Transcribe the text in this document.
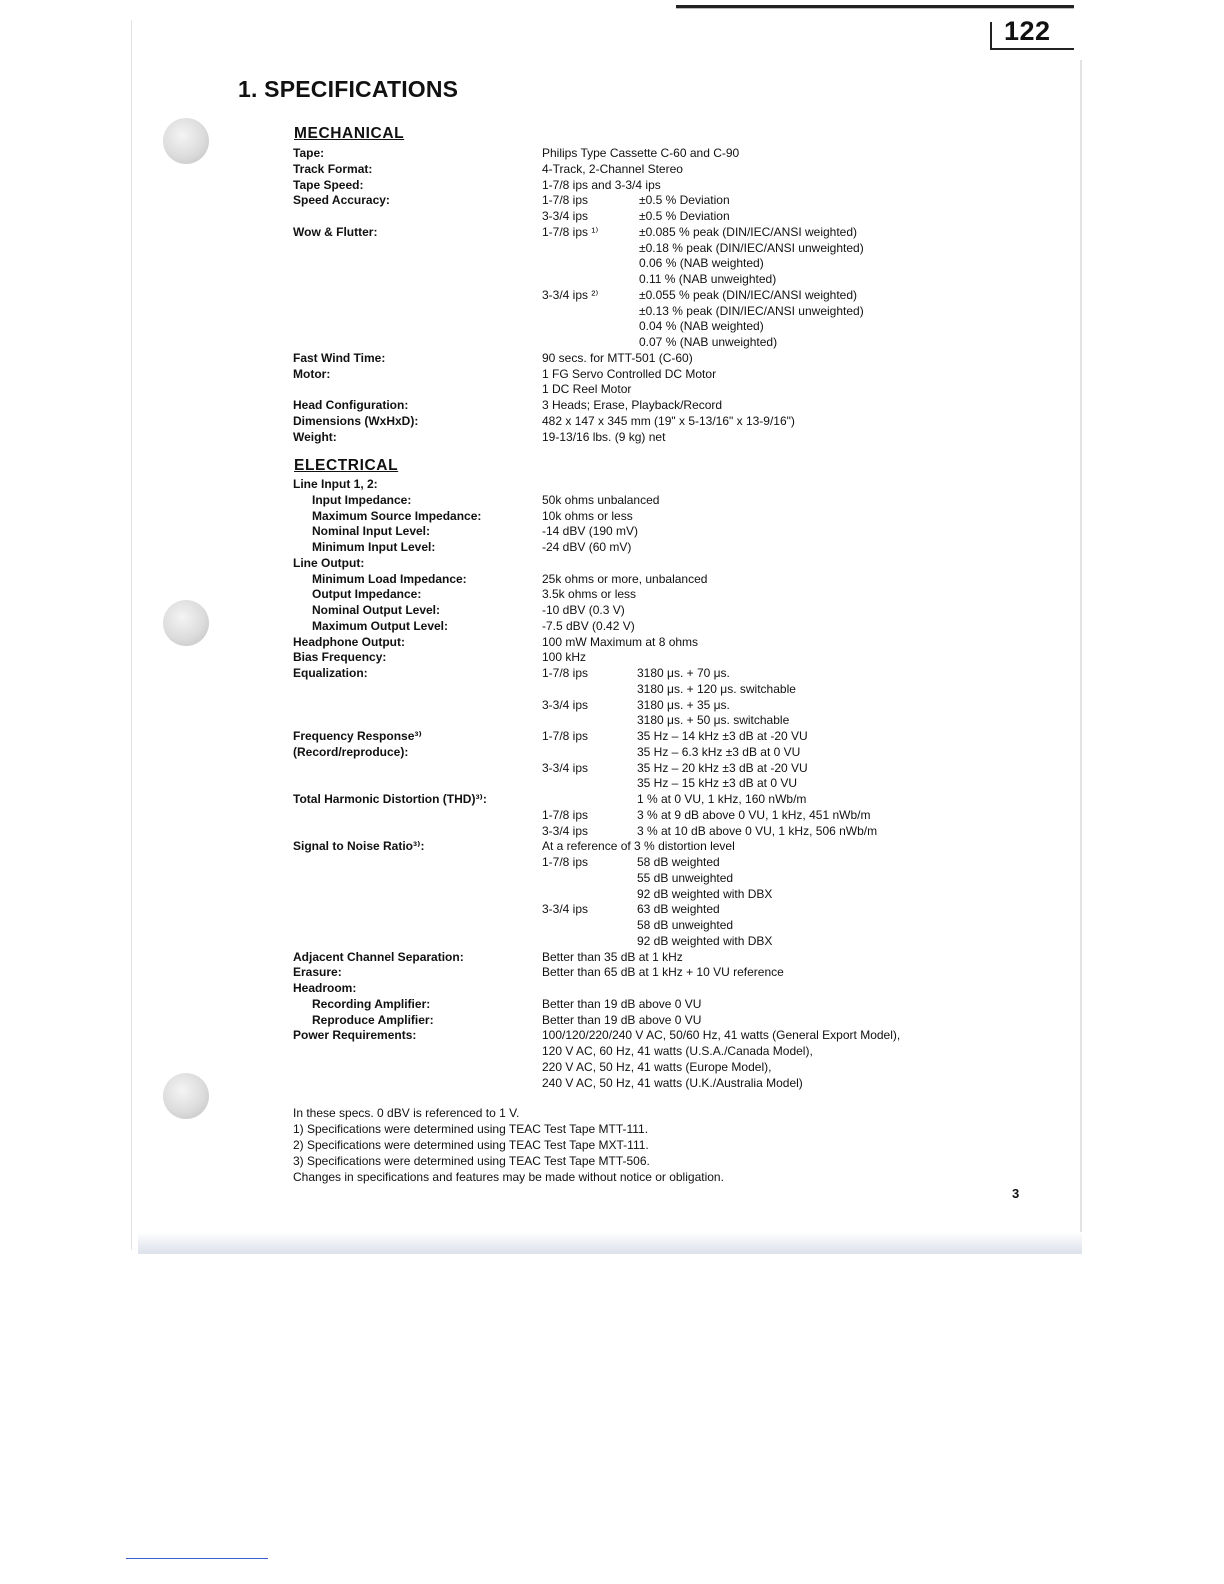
122
1. SPECIFICATIONS
MECHANICAL
Tape:	Philips Type Cassette C-60 and C-90
Track Format:	4-Track, 2-Channel Stereo
Tape Speed:	1-7/8 ips and 3-3/4 ips
Speed Accuracy:	1-7/8 ips	±0.5 % Deviation
3-3/4 ips	±0.5 % Deviation
Wow & Flutter:	1-7/8 ips ¹⁾	±0.085 % peak (DIN/IEC/ANSI weighted)
±0.18 % peak (DIN/IEC/ANSI unweighted)
0.06 % (NAB weighted)
0.11 % (NAB unweighted)
3-3/4 ips ²⁾	±0.055 % peak (DIN/IEC/ANSI weighted)
±0.13 % peak (DIN/IEC/ANSI unweighted)
0.04 % (NAB weighted)
0.07 % (NAB unweighted)
Fast Wind Time:	90 secs. for MTT-501 (C-60)
Motor:	1 FG Servo Controlled DC Motor
1 DC Reel Motor
Head Configuration:	3 Heads; Erase, Playback/Record
Dimensions (WxHxD):	482 x 147 x 345 mm (19" x 5-13/16" x 13-9/16")
Weight:	19-13/16 lbs. (9 kg) net
ELECTRICAL
Line Input 1, 2:
Input Impedance:	50k ohms unbalanced
Maximum Source Impedance:	10k ohms or less
Nominal Input Level:	-14 dBV (190 mV)
Minimum Input Level:	-24 dBV (60 mV)
Line Output:
Minimum Load Impedance:	25k ohms or more, unbalanced
Output Impedance:	3.5k ohms or less
Nominal Output Level:	-10 dBV (0.3 V)
Maximum Output Level:	-7.5 dBV (0.42 V)
Headphone Output:	100 mW Maximum at 8 ohms
Bias Frequency:	100 kHz
Equalization:	1-7/8 ips	3180 μs. + 70 μs.
3180 μs. + 120 μs. switchable
3-3/4 ips	3180 μs. + 35 μs.
3180 μs. + 50 μs. switchable
Frequency Response³⁾	1-7/8 ips	35 Hz – 14 kHz ±3 dB at -20 VU
(Record/reproduce):	35 Hz – 6.3 kHz ±3 dB at 0 VU
3-3/4 ips	35 Hz – 20 kHz ±3 dB at -20 VU
35 Hz – 15 kHz ±3 dB at 0 VU
Total Harmonic Distortion (THD)³⁾:	1 % at 0 VU, 1 kHz, 160 nWb/m
1-7/8 ips	3 % at 9 dB above 0 VU, 1 kHz, 451 nWb/m
3-3/4 ips	3 % at 10 dB above 0 VU, 1 kHz, 506 nWb/m
Signal to Noise Ratio³⁾:	At a reference of 3 % distortion level
1-7/8 ips	58 dB weighted
55 dB unweighted
92 dB weighted with DBX
3-3/4 ips	63 dB weighted
58 dB unweighted
92 dB weighted with DBX
Adjacent Channel Separation:	Better than 35 dB at 1 kHz
Erasure:	Better than 65 dB at 1 kHz + 10 VU reference
Headroom:
Recording Amplifier:	Better than 19 dB above 0 VU
Reproduce Amplifier:	Better than 19 dB above 0 VU
Power Requirements:	100/120/220/240 V AC, 50/60 Hz, 41 watts (General Export Model),
120 V AC, 60 Hz, 41 watts (U.S.A./Canada Model),
220 V AC, 50 Hz, 41 watts (Europe Model),
240 V AC, 50 Hz, 41 watts (U.K./Australia Model)
In these specs. 0 dBV is referenced to 1 V.
1) Specifications were determined using TEAC Test Tape MTT-111.
2) Specifications were determined using TEAC Test Tape MXT-111.
3) Specifications were determined using TEAC Test Tape MTT-506.
Changes in specifications and features may be made without notice or obligation.
3
